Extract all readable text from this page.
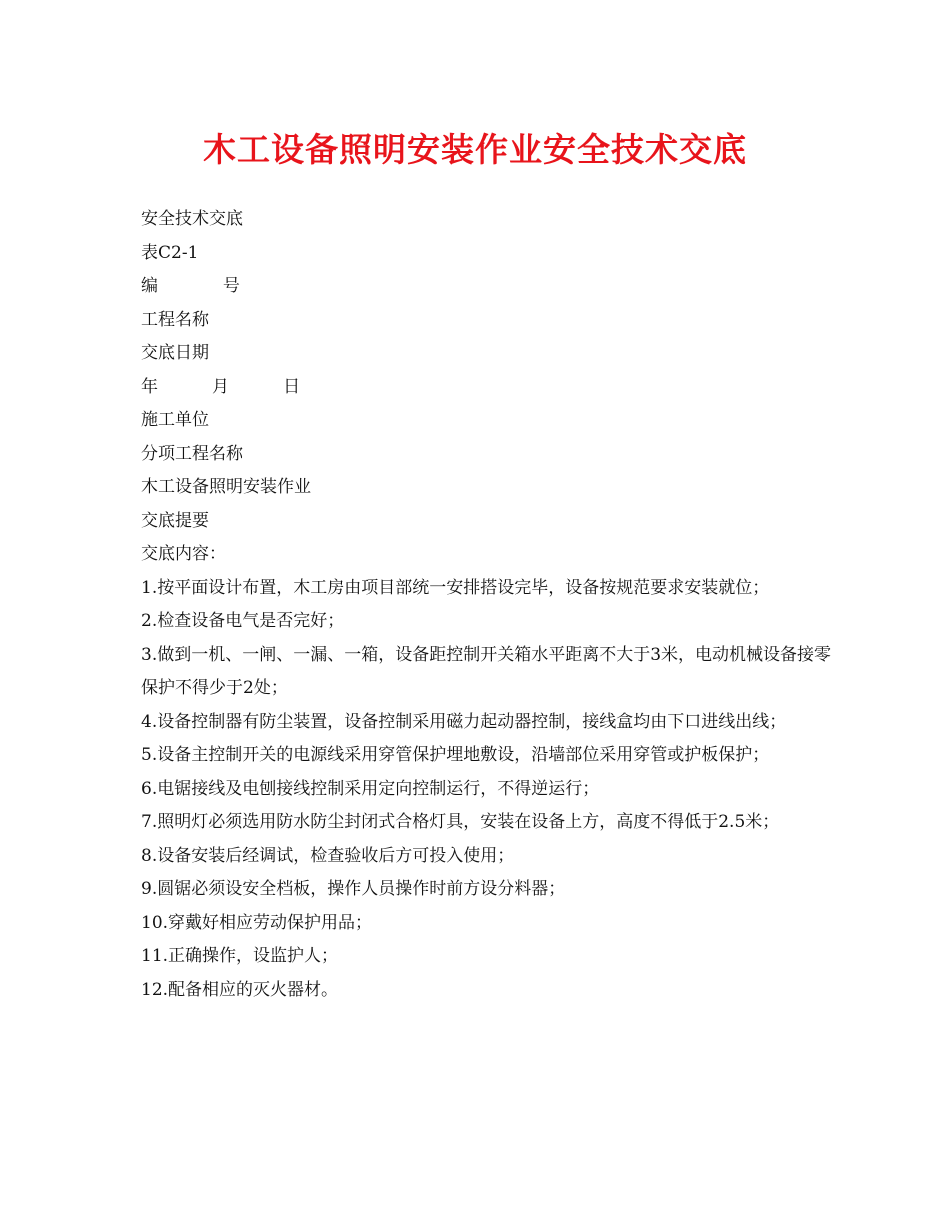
木工设备照明安装作业安全技术交底

安全技术交底

表C2-1

编            号

工程名称

交底日期

年          月          日

施工单位

分项工程名称

木工设备照明安装作业

交底提要

交底内容：

1.按平面设计布置，木工房由项目部统一安排搭设完毕，设备按规范要求安装就位；

2.检查设备电气是否完好；

3.做到一机、一闸、一漏、一箱，设备距控制开关箱水平距离不大于3米，电动机械设备接零保护不得少于2处；

4.设备控制器有防尘装置，设备控制采用磁力起动器控制，接线盒均由下口进线出线；

5.设备主控制开关的电源线采用穿管保护埋地敷设，沿墙部位采用穿管或护板保护；

6.电锯接线及电刨接线控制采用定向控制运行，不得逆运行；

7.照明灯必须选用防水防尘封闭式合格灯具，安装在设备上方，高度不得低于2.5米；

8.设备安装后经调试，检查验收后方可投入使用；

9.圆锯必须设安全档板，操作人员操作时前方设分料器；

10.穿戴好相应劳动保护用品；

11.正确操作，设监护人；

12.配备相应的灭火器材。
